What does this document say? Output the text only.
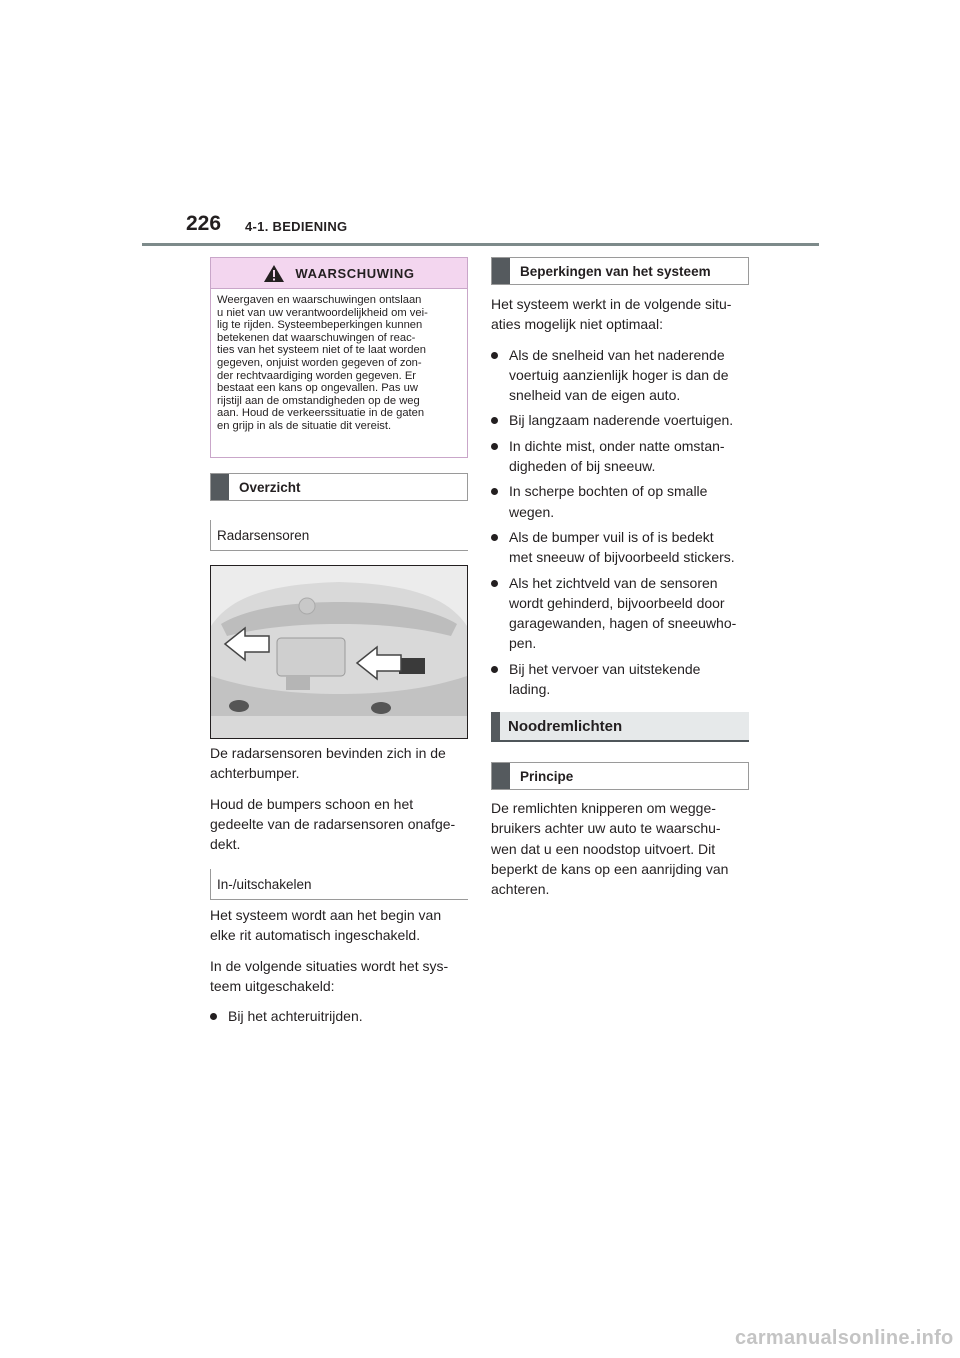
226 4-1. BEDIENING
WAARSCHUWING

Weergaven en waarschuwingen ontslaan

u niet van uw verantwoordelijkheid om vei-

lig te rijden. Systeembeperkingen kunnen

betekenen dat waarschuwingen of reac-

ties van het systeem niet of te laat worden

gegeven, onjuist worden gegeven of zon-

der rechtvaardiging worden gegeven. Er

bestaat een kans op ongevallen. Pas uw

rijstijl aan de omstandigheden op de weg

aan. Houd de verkeerssituatie in de gaten

en grijp in als de situatie dit vereist.

Overzicht
Radarsensoren

De radarsensoren bevinden zich in de
achterbumper.

Houd de bumpers schoon en het
gedeelte van de radarsensoren onafge-
dekt.

In-/uitschakelen

Het systeem wordt aan het begin van
elke rit automatisch ingeschakeld.

In de volgende situaties wordt het sys-
teem uitgeschakeld:

Bij het achteruitrijden.
Beperkingen van het systeem

Het systeem werkt in de volgende situ-
aties mogelijk niet optimaal:

Als de snelheid van het naderende
voertuig aanzienlijk hoger is dan de
snelheid van de eigen auto.
Bij langzaam naderende voertuigen.
In dichte mist, onder natte omstan-
digheden of bij sneeuw.
In scherpe bochten of op smalle
wegen.
Als de bumper vuil is of is bedekt
met sneeuw of bijvoorbeeld stickers.
Als het zichtveld van de sensoren
wordt gehinderd, bijvoorbeeld door
garagewanden, hagen of sneeuwho-
pen.
Bij het vervoer van uitstekende
lading.
Noodremlichten
Principe

De remlichten knipperen om wegge-
bruikers achter uw auto te waarschu-
wen dat u een noodstop uitvoert. Dit
beperkt de kans op een aanrijding van
achteren.

carmanualsonline.info
